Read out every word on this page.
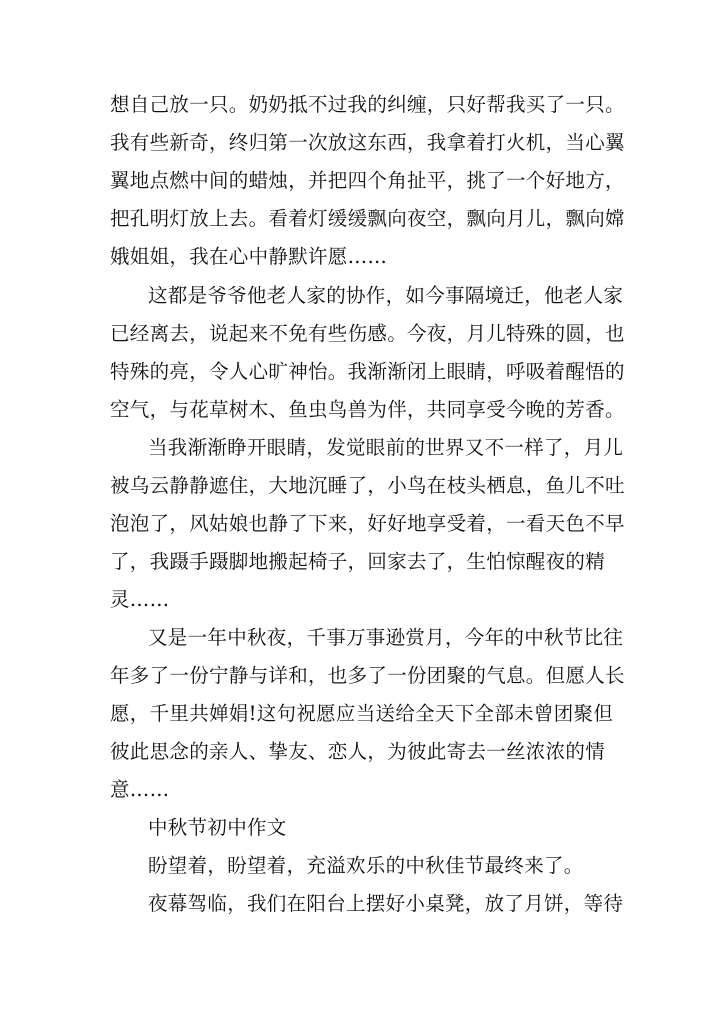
想自己放一只。奶奶抵不过我的纠缠，只好帮我买了一只。
我有些新奇，终归第一次放这东西，我拿着打火机，当心翼
翼地点燃中间的蜡烛，并把四个角扯平，挑了一个好地方，
把孔明灯放上去。看着灯缓缓飘向夜空，飘向月儿，飘向嫦
娥姐姐，我在心中静默许愿……
这都是爷爷他老人家的协作，如今事隔境迁，他老人家
已经离去，说起来不免有些伤感。今夜，月儿特殊的圆，也
特殊的亮，令人心旷神怡。我渐渐闭上眼睛，呼吸着醒悟的
空气，与花草树木、鱼虫鸟兽为伴，共同享受今晚的芳香。
当我渐渐睁开眼睛，发觉眼前的世界又不一样了，月儿
被乌云静静遮住，大地沉睡了，小鸟在枝头栖息，鱼儿不吐
泡泡了，风姑娘也静了下来，好好地享受着，一看天色不早
了，我蹑手蹑脚地搬起椅子，回家去了，生怕惊醒夜的精
灵……
又是一年中秋夜，千事万事逊赏月，今年的中秋节比往
年多了一份宁静与详和，也多了一份团聚的气息。但愿人长
愿，千里共婵娟!这句祝愿应当送给全天下全部未曾团聚但
彼此思念的亲人、挚友、恋人，为彼此寄去一丝浓浓的情
意……
中秋节初中作文
盼望着，盼望着，充溢欢乐的中秋佳节最终来了。
夜幕驾临，我们在阳台上摆好小桌凳，放了月饼，等待
